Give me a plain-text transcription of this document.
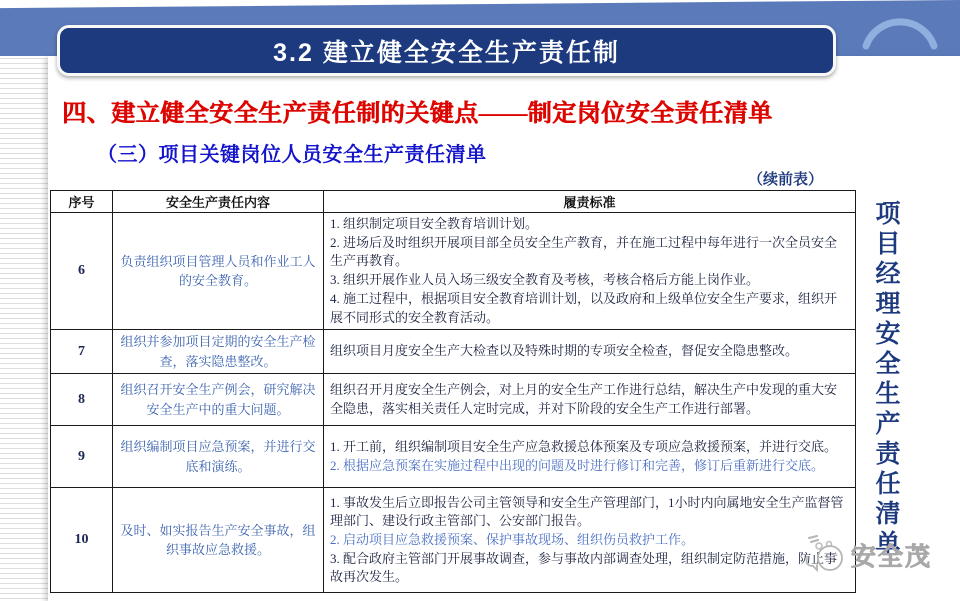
3.2 建立健全安全生产责任制
四、建立健全安全生产责任制的关键点——制定岗位安全责任清单
（三）项目关键岗位人员安全生产责任清单
（续前表）
序号	安全生产责任内容	履责标准
6	负责组织项目管理人员和作业工人的安全教育。	1. 组织制定项目安全教育培训计划。
2. 进场后及时组织开展项目部全员安全生产教育，并在施工过程中每年进行一次全员安全生产再教育。
3. 组织开展作业人员入场三级安全教育及考核，考核合格后方能上岗作业。
4. 施工过程中，根据项目安全教育培训计划，以及政府和上级单位安全生产要求，组织开展不同形式的安全教育活动。

7	组织并参加项目定期的安全生产检查，落实隐患整改。	组织项目月度安全生产大检查以及特殊时期的专项安全检查，督促安全隐患整改。

8	组织召开安全生产例会，研究解决安全生产中的重大问题。	组织召开月度安全生产例会，对上月的安全生产工作进行总结，解决生产中发现的重大安全隐患，落实相关责任人定时完成，并对下阶段的安全生产工作进行部署。

9	组织编制项目应急预案，并进行交底和演练。	1. 开工前，组织编制项目安全生产应急救援总体预案及专项应急救援预案，并进行交底。
2. 根据应急预案在实施过程中出现的问题及时进行修订和完善，修订后重新进行交底。

10	及时、如实报告生产安全事故，组织事故应急救援。	1. 事故发生后立即报告公司主管领导和安全生产管理部门，1小时内向属地安全生产监督管理部门、建设行政主管部门、公安部门报告。
2. 启动项目应急救援预案、保护事故现场、组织伤员救护工作。
3. 配合政府主管部门开展事故调查，参与事故内部调查处理，组织制定防范措施，防止事故再次发生。
项目经理安全生产责任清单
安全茂
